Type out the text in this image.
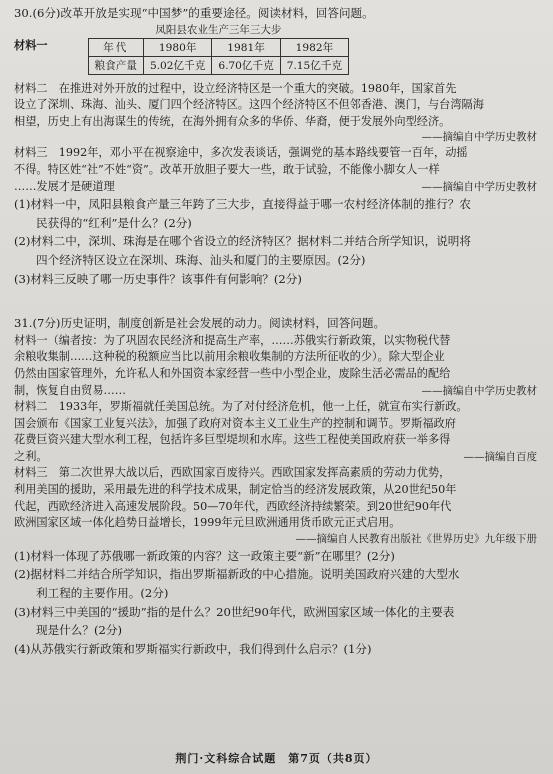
30.(6分)改革开放是实现“中国梦”的重要途径。阅读材料，回答问题。
材料一
凤阳县农业生产三年三大步
年代	1980年	1981年	1982年
粮食产量	5.02亿千克	6.70亿千克	7.15亿千克
材料二　在推进对外开放的过程中，设立经济特区是一个重大的突破。1980年，国家首先
设立了深圳、珠海、汕头、厦门四个经济特区。这四个经济特区不但邻香港、澳门，与台湾隔海
相望，历史上有出海谋生的传统，在海外拥有众多的华侨、华裔，便于发展外向型经济。
——摘编自中学历史教材
材料三　1992年，邓小平在视察途中，多次发表谈话，强调党的基本路线要管一百年，动摇
不得。特区姓“社”不姓“资”。改革开放胆子要大一些，敢于试验，不能像小脚女人一样
……发展才是硬道理	——摘编自中学历史教材
(1)材料一中，凤阳县粮食产量三年跨了三大步，直接得益于哪一农村经济体制的推行？农
民获得的“红利”是什么？(2分)
(2)材料二中，深圳、珠海是在哪个省设立的经济特区？据材料二并结合所学知识，说明将
四个经济特区设立在深圳、珠海、汕头和厦门的主要原因。(2分)
(3)材料三反映了哪一历史事件？该事件有何影响？(2分)
31.(7分)历史证明，制度创新是社会发展的动力。阅读材料，回答问题。
材料一（编者按：为了巩固农民经济和提高生产率，……苏俄实行新政策，以实物税代替
余粮收集制……这种税的税额应当比以前用余粮收集制的方法所征收的少）。除大型企业
仍然由国家管理外，允许私人和外国资本家经营一些中小型企业，废除生活必需品的配给
制，恢复自由贸易……	——摘编自中学历史教材
材料二　1933年，罗斯福就任美国总统。为了对付经济危机，他一上任，就宣布实行新政。
国会颁布《国家工业复兴法》，加强了政府对资本主义工业生产的控制和调节。罗斯福政府
花费巨资兴建大型水利工程，包括许多巨型堤坝和水库。这些工程使美国政府获一举多得
之利。	——摘编自百度
材料三　第二次世界大战以后，西欧国家百废待兴。西欧国家发挥高素质的劳动力优势，
利用美国的援助，采用最先进的科学技术成果，制定恰当的经济发展政策，从20世纪50年
代起，西欧经济进入高速发展阶段。50—70年代，西欧经济持续繁荣。到20世纪90年代
欧洲国家区域一体化趋势日益增长，1999年元旦欧洲通用货币欧元正式启用。
——摘编自人民教育出版社《世界历史》九年级下册
(1)材料一体现了苏俄哪一新政策的内容？这一政策主要“新”在哪里？(2分)
(2)据材料二并结合所学知识，指出罗斯福新政的中心措施。说明美国政府兴建的大型水
利工程的主要作用。(2分)
(3)材料三中美国的“援助”指的是什么？20世纪90年代，欧洲国家区域一体化的主要表
现是什么？(2分)
(4)从苏俄实行新政策和罗斯福实行新政中，我们得到什么启示？(1分)
荆门·文科综合试题　第7页（共8页）
